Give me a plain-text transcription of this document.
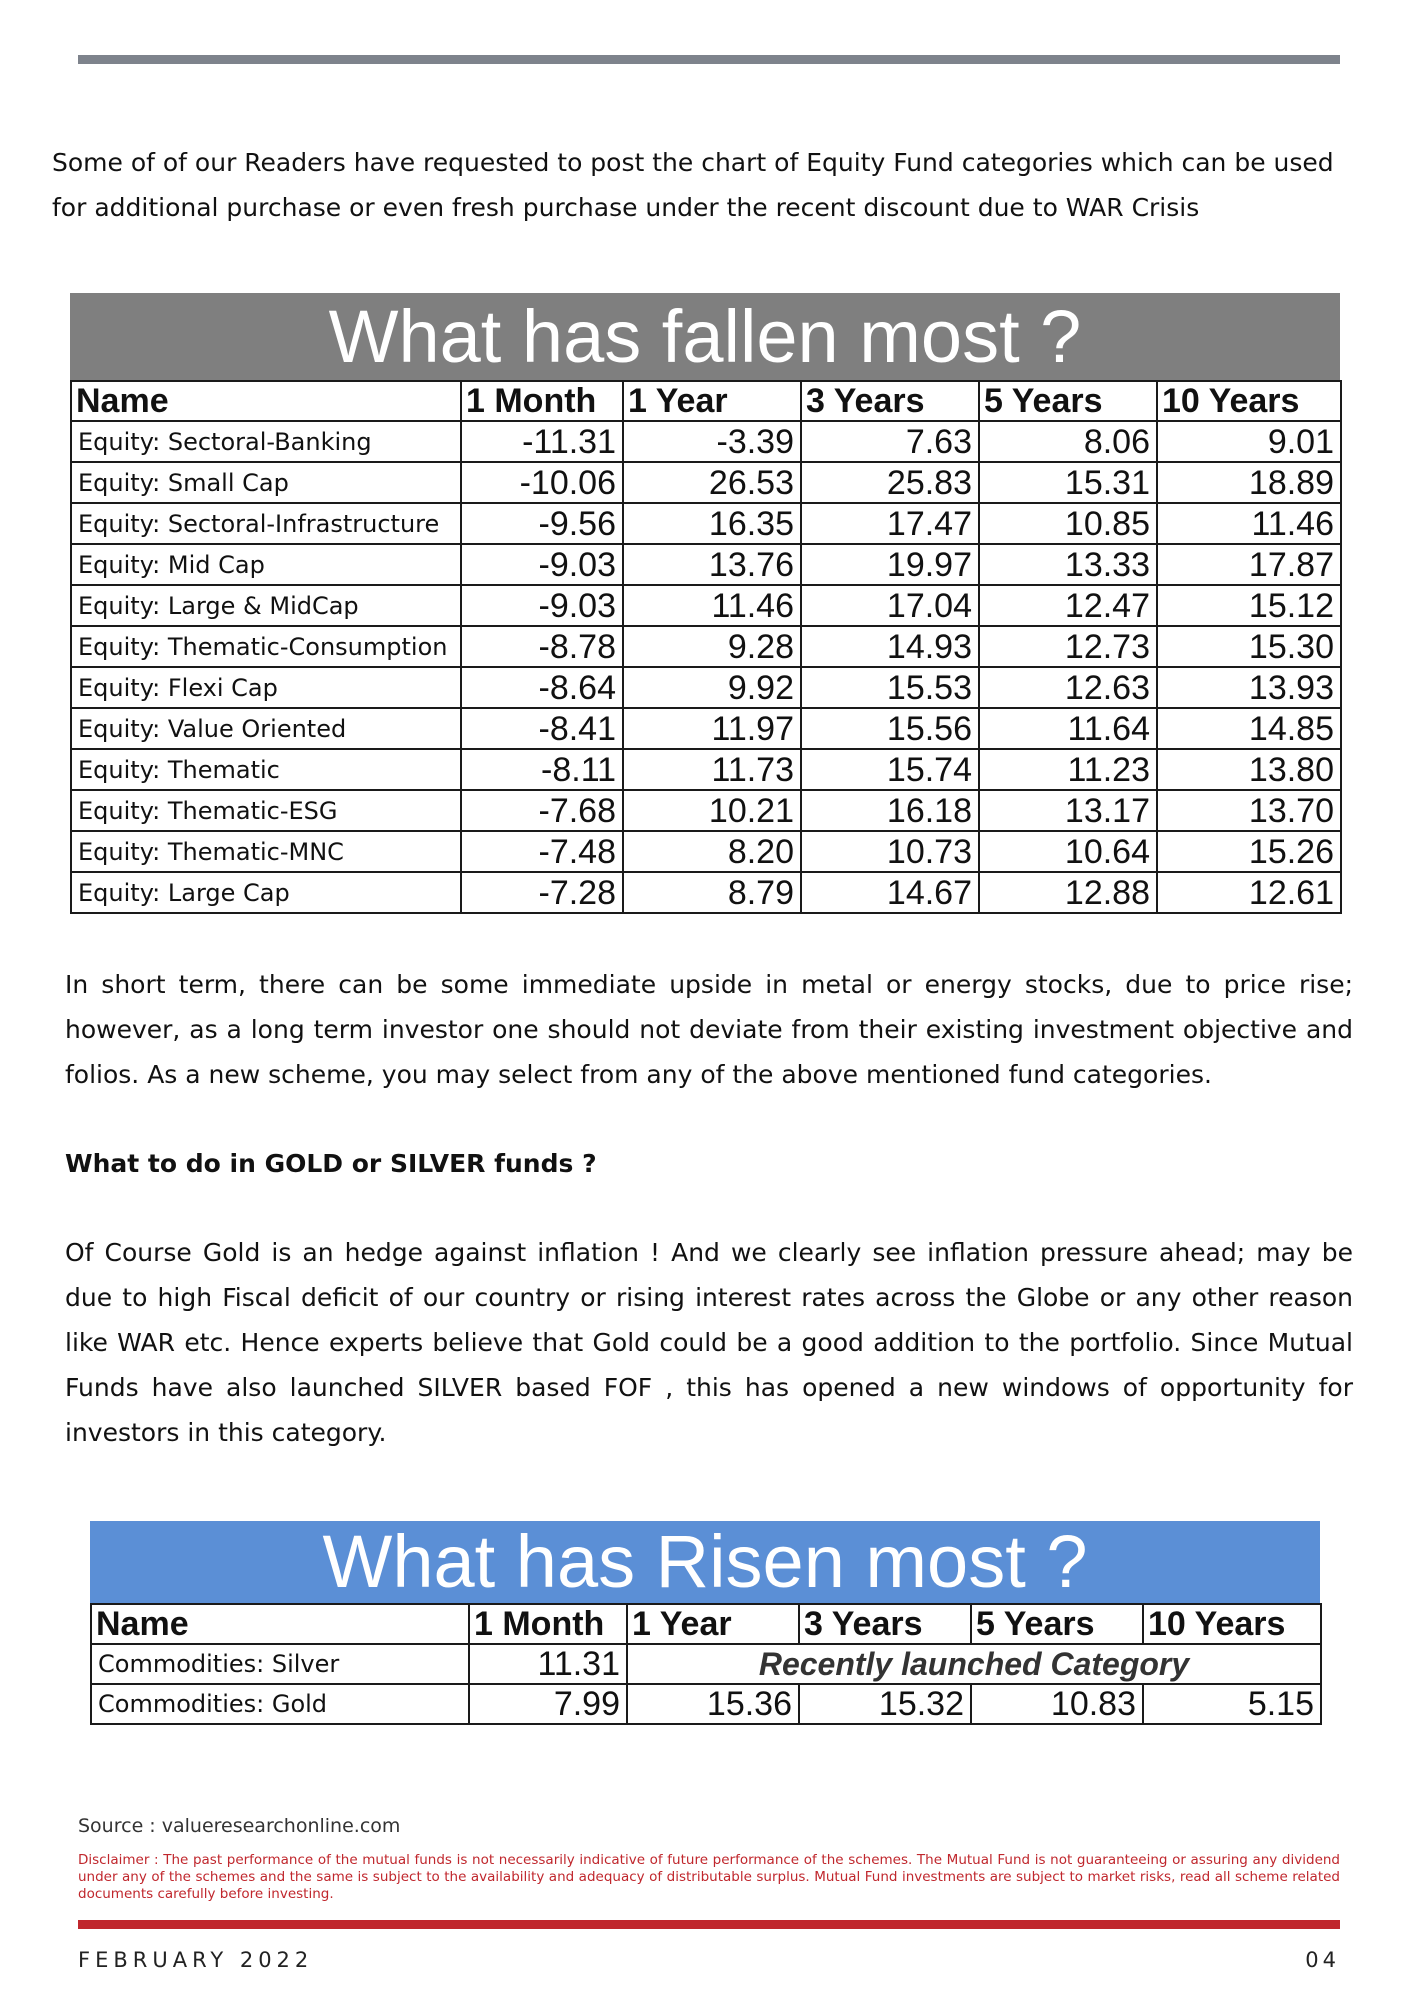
Some of of our Readers have requested to post the chart of Equity Fund categories which can be used for additional purchase or even fresh purchase under the recent discount due to WAR Crisis

What has fallen most ?
Name	1 Month	1 Year	3 Years	5 Years	10 Years
Equity: Sectoral-Banking	-11.31	-3.39	7.63	8.06	9.01
Equity: Small Cap	-10.06	26.53	25.83	15.31	18.89
Equity: Sectoral-Infrastructure	-9.56	16.35	17.47	10.85	11.46
Equity: Mid Cap	-9.03	13.76	19.97	13.33	17.87
Equity: Large & MidCap	-9.03	11.46	17.04	12.47	15.12
Equity: Thematic-Consumption	-8.78	9.28	14.93	12.73	15.30
Equity: Flexi Cap	-8.64	9.92	15.53	12.63	13.93
Equity: Value Oriented	-8.41	11.97	15.56	11.64	14.85
Equity: Thematic	-8.11	11.73	15.74	11.23	13.80
Equity: Thematic-ESG	-7.68	10.21	16.18	13.17	13.70
Equity: Thematic-MNC	-7.48	8.20	10.73	10.64	15.26
Equity: Large Cap	-7.28	8.79	14.67	12.88	12.61

In short term, there can be some immediate upside in metal or energy stocks, due to price rise; however, as a long term investor one should not deviate from their existing investment objective and folios. As a new scheme, you may select from any of the above mentioned fund categories.

What to do in GOLD or SILVER funds ?

Of Course Gold is an hedge against inflation ! And we clearly see inflation pressure ahead; may be due to high Fiscal deficit of our country or rising interest rates across the Globe or any other reason like WAR etc. Hence experts believe that Gold could be a good addition to the portfolio. Since Mutual Funds have also launched SILVER based FOF , this has opened a new windows of opportunity for investors in this category.

What has Risen most ?
Name	1 Month	1 Year	3 Years	5 Years	10 Years
Commodities: Silver	11.31	Recently launched Category			
Commodities: Gold	7.99	15.36	15.32	10.83	5.15

Source : valueresearchonline.com

Disclaimer : The past performance of the mutual funds is not necessarily indicative of future performance of the schemes. The Mutual Fund is not guaranteeing or assuring any dividend under any of the schemes and the same is subject to the availability and adequacy of distributable surplus. Mutual Fund investments are subject to market risks, read all scheme related documents carefully before investing.

FEBRUARY 2022	04
